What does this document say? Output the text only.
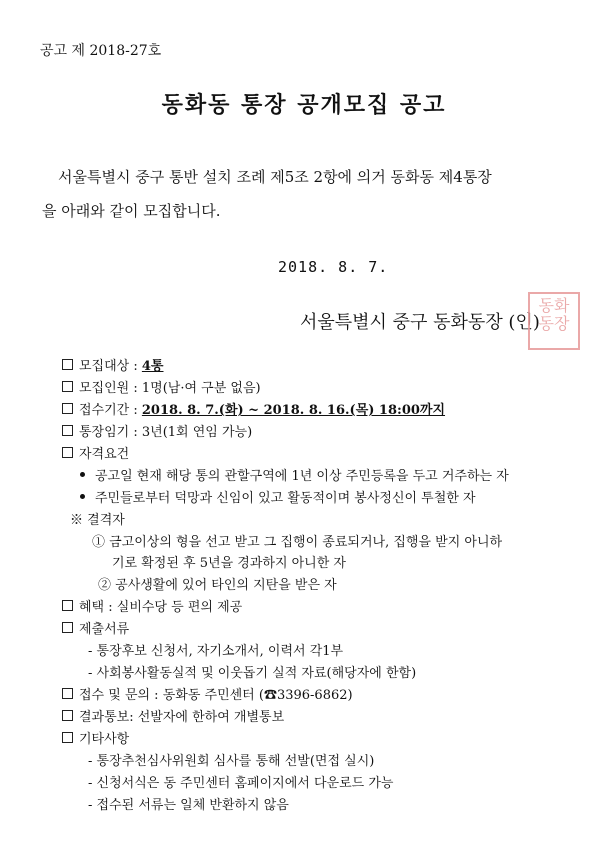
공고 제 2018-27호
동화동 통장 공개모집 공고
서울특별시 중구 통반 설치 조례 제5조 2항에 의거 동화동 제4통장
을 아래와 같이 모집합니다.
2018. 8. 7.
서울특별시 중구 동화동장 (인)
동화
동장
모집대상 : 4통
모집인원 : 1명(남·여 구분 없음)
접수기간 : 2018. 8. 7.(화) ~ 2018. 8. 16.(목) 18:00까지
통장임기 : 3년(1회 연임 가능)
자격요건
공고일 현재 해당 통의 관할구역에 1년 이상 주민등록을 두고 거주하는 자
주민들로부터 덕망과 신임이 있고 활동적이며 봉사정신이 투철한 자
※ 결격자
① 금고이상의 형을 선고 받고 그 집행이 종료되거나, 집행을 받지 아니하
기로 확정된 후 5년을 경과하지 아니한 자
② 공사생활에 있어 타인의 지탄을 받은 자
혜택 : 실비수당 등 편의 제공
제출서류
- 통장후보 신청서, 자기소개서, 이력서 각1부
- 사회봉사활동실적 및 이웃돕기 실적 자료(해당자에 한함)
접수 및 문의 : 동화동 주민센터 (☎3396-6862)
결과통보: 선발자에 한하여 개별통보
기타사항
- 통장추천심사위원회 심사를 통해 선발(면접 실시)
- 신청서식은 동 주민센터 홈페이지에서 다운로드 가능
- 접수된 서류는 일체 반환하지 않음
